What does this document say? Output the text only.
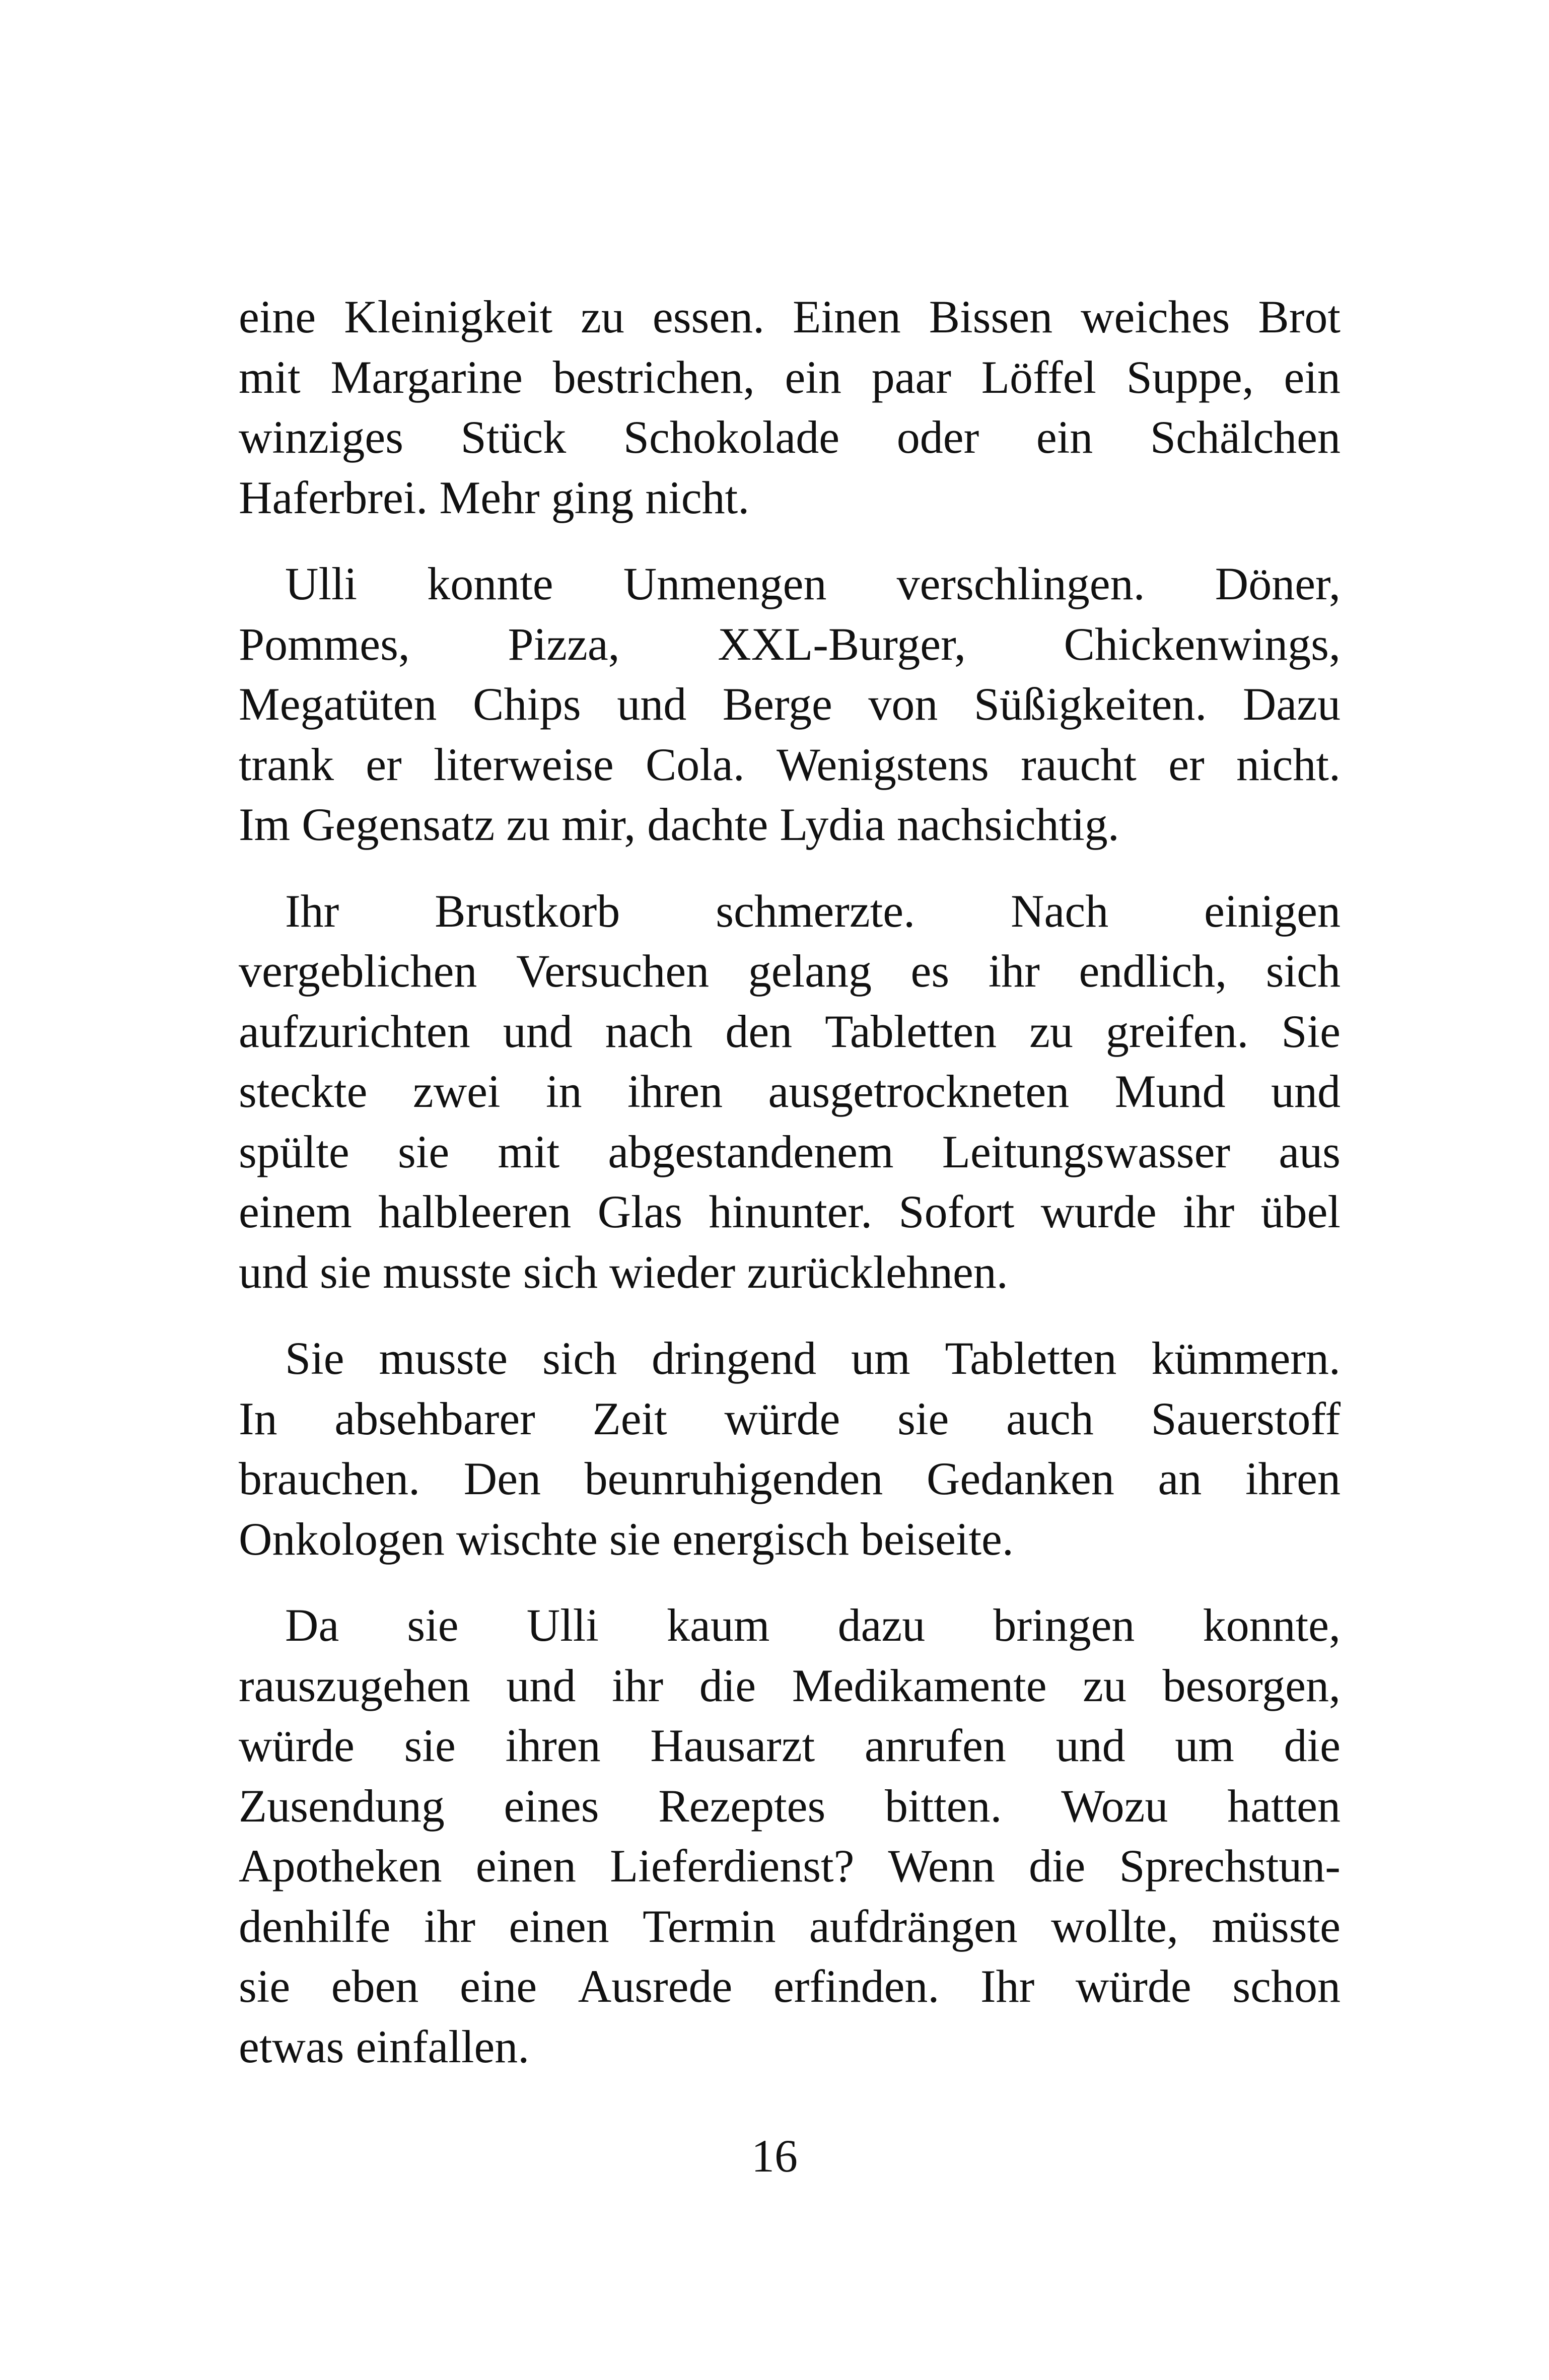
eine Kleinigkeit zu essen. Einen Bissen weiches Brot
mit Margarine bestrichen, ein paar Löffel Suppe, ein
winziges Stück Schokolade oder ein Schälchen
Haferbrei. Mehr ging nicht.
Ulli konnte Unmengen verschlingen. Döner,
Pommes, Pizza, XXL-Burger, Chickenwings,
Megatüten Chips und Berge von Süßigkeiten. Dazu
trank er literweise Cola. Wenigstens raucht er nicht.
Im Gegensatz zu mir, dachte Lydia nachsichtig.
Ihr Brustkorb schmerzte. Nach einigen
vergeblichen Versuchen gelang es ihr endlich, sich
aufzurichten und nach den Tabletten zu greifen. Sie
steckte zwei in ihren ausgetrockneten Mund und
spülte sie mit abgestandenem Leitungswasser aus
einem halbleeren Glas hinunter. Sofort wurde ihr übel
und sie musste sich wieder zurücklehnen.
Sie musste sich dringend um Tabletten kümmern.
In absehbarer Zeit würde sie auch Sauerstoff
brauchen. Den beunruhigenden Gedanken an ihren
Onkologen wischte sie energisch beiseite.
Da sie Ulli kaum dazu bringen konnte,
rauszugehen und ihr die Medikamente zu besorgen,
würde sie ihren Hausarzt anrufen und um die
Zusendung eines Rezeptes bitten. Wozu hatten
Apotheken einen Lieferdienst? Wenn die Sprechstun-
denhilfe ihr einen Termin aufdrängen wollte, müsste
sie eben eine Ausrede erfinden. Ihr würde schon
etwas einfallen.
16
